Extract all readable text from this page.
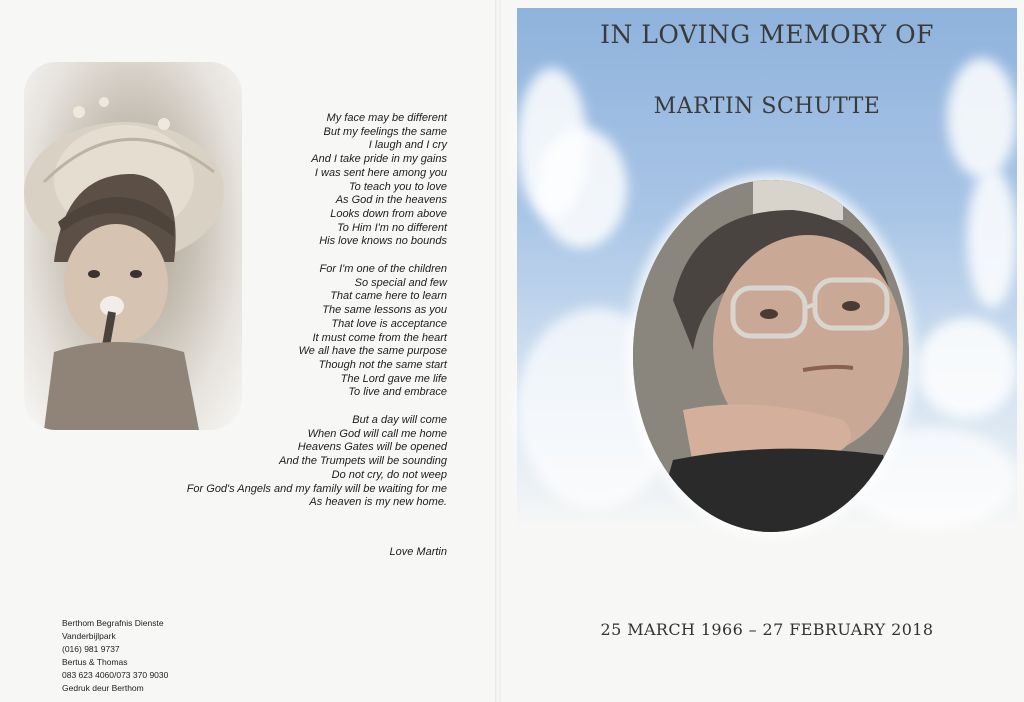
My face may be different
But my feelings the same
I laugh and I cry
And I take pride in my gains
I was sent here among you
To teach you to love
As God in the heavens
Looks down from above
To Him I'm no different
His love knows no bounds
For I'm one of the children
So special and few
That came here to learn
The same lessons as you
That love is acceptance
It must come from the heart
We all have the same purpose
Though not the same start
The Lord gave me life
To live and embrace
But a day will come
When God will call me home
Heavens Gates will be opened
And the Trumpets will be sounding
Do not cry, do not weep
For God's Angels and my family will be waiting for me
As heaven is my new home.
Love Martin
Berthom Begrafnis Dienste
Vanderbijlpark
(016) 981 9737
Bertus & Thomas
083 623 4060/073 370 9030
Gedruk deur Berthom
IN LOVING MEMORY OF
MARTIN SCHUTTE
25 MARCH 1966 – 27 FEBRUARY 2018
